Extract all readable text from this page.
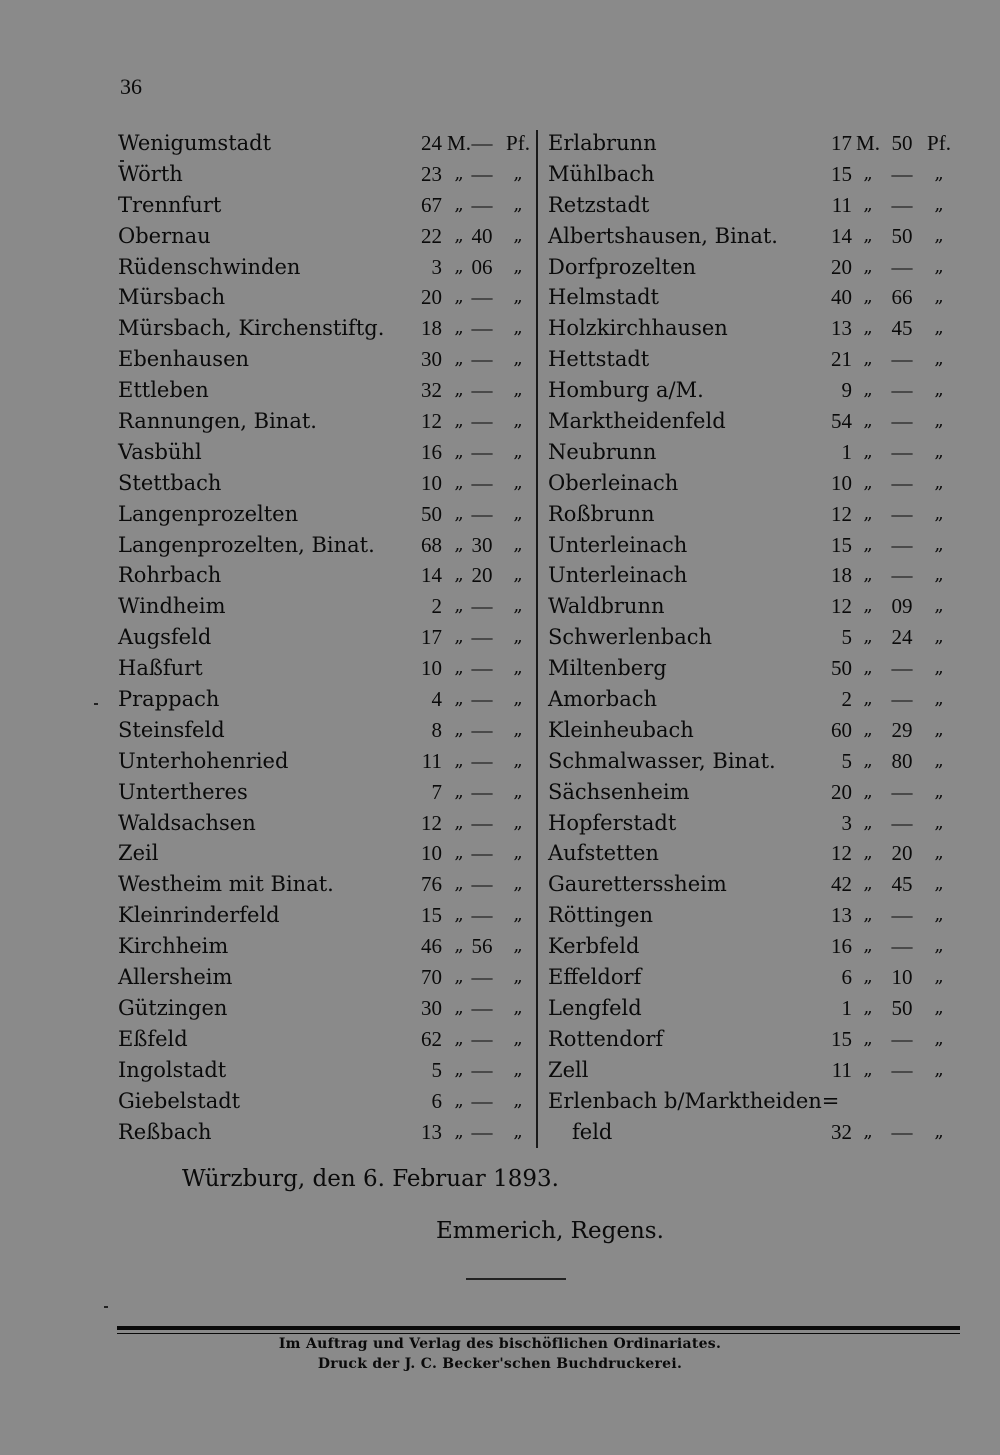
36
Wenigumstadt	24 M. — Pf.
Wörth	23 „ —	„
Trennfurt	67 „ —	„
Obernau	22 „ 40	„
Rüdenschwinden	3 „ 06	„
Mürsbach	20 „ —	„
Mürsbach, Kirchenstiftg.	18 „ —	„
Ebenhausen	30 „ —	„
Ettleben	32 „ —	„
Rannungen, Binat.	12 „ —	„
Vasbühl	16 „ —	„
Stettbach	10 „ —	„
Langenprozelten	50 „ —	„
Langenprozelten, Binat.	68 „ 30	„
Rohrbach	14 „ 20	„
Windheim	2 „ —	„
Augsfeld	17 „ —	„
Haßfurt	10 „ —	„
Prappach	4 „ —	„
Steinsfeld	8 „ —	„
Unterhohenried	11 „ —	„
Untertheres	7 „ —	„
Waldsachsen	12 „ —	„
Zeil	10 „ —	„
Westheim mit Binat.	76 „ —	„
Kleinrinderfeld	15 „ —	„
Kirchheim	46 „ 56	„
Allersheim	70 „ —	„
Gützingen	30 „ —	„
Eßfeld	62 „ —	„
Ingolstadt	5 „ —	„
Giebelstadt	6 „ —	„
Reßbach	13 „ —	„
Erlabrunn	17 M. 50 Pf.
Mühlbach	15 „ —	„
Retzstadt	11 „ —	„
Albertshausen, Binat.	14 „ 50	„
Dorfprozelten	20 „ —	„
Helmstadt	40 „ 66	„
Holzkirchhausen	13 „ 45	„
Hettstadt	21 „ —	„
Homburg a/M.	9 „ —	„
Marktheidenfeld	54 „ —	„
Neubrunn	1 „ —	„
Oberleinach	10 „ —	„
Roßbrunn	12 „ —	„
Unterleinach	15 „ —	„
Unterleinach	18 „ —	„
Waldbrunn	12 „ 09	„
Schwerlenbach	5 „ 24	„
Miltenberg	50 „ —	„
Amorbach	2 „ —	„
Kleinheubach	60 „ 29	„
Schmalwasser, Binat.	5 „ 80	„
Sächsenheim	20 „ —	„
Hopferstadt	3 „ —	„
Aufstetten	12 „ 20	„
Gauretterssheim	42 „ 45	„
Röttingen	13 „ —	„
Kerbfeld	16 „ —	„
Effeldorf	6 „ 10	„
Lengfeld	1 „ 50	„
Rottendorf	15 „ —	„
Zell	11 „ —	„
Erlenbach b/Marktheiden=
feld	32 „ —	„
Würzburg, den 6. Februar 1893.
Emmerich, Regens.
Im Auftrag und Verlag des bischöflichen Ordinariates.
Druck der J. C. Becker'schen Buchdruckerei.
